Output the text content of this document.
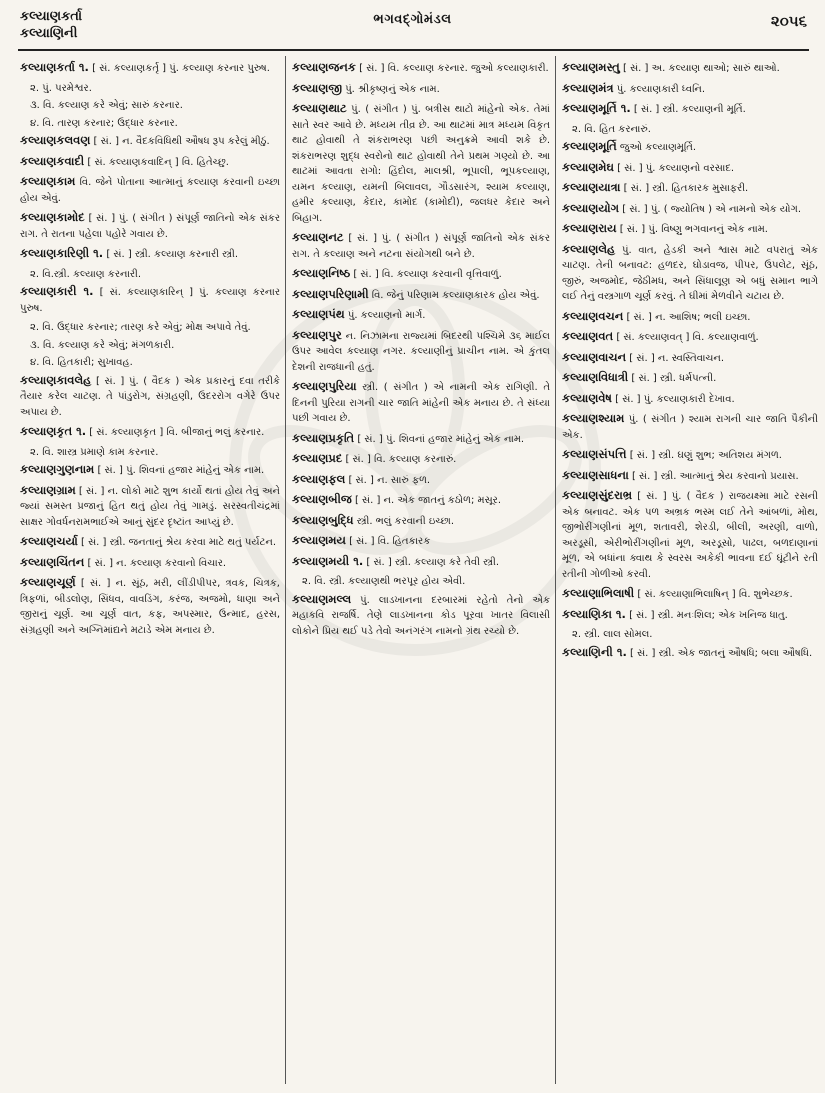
કલ્યાણકર્તા
કલ્યાણિની
ભગવદ્ગોમંડલ	૨૦૫૬

કલ્યાણકર્તા ૧. [ સં. કલ્યાણકર્તૃ ] પું. કલ્યાણ કરનાર પુરુષ.

૨. પું. પરમેશ્વર.

૩. વિ. કલ્યાણ કરે એવું; સારું કરનાર.

૪. વિ. તારણ કરનાર; ઉદ્ધાર કરનાર.

કલ્યાણકલવણ [ સં. ] ન. વૈદકવિધિથી ઔષધ રૂપ કરેલું મીઠું.

કલ્યાણકવાદી [ સં. કલ્યાણકવાદિન્ ] વિ. હિતેચ્છુ.

કલ્યાણકામ વિ. જેને પોતાના આત્માનું કલ્યાણ કરવાની ઇચ્છા હોય એવું.

કલ્યાણકામોદ [ સં. ] પું. ( સંગીત ) સંપૂર્ણ જાતિનો એક સંકર રાગ. તે રાતના પહેલા પહોરે ગવાય છે.

કલ્યાણકારિણી ૧. [ સં. ] સ્ત્રી. કલ્યાણ કરનારી સ્ત્રી.

૨. વિ.સ્ત્રી. કલ્યાણ કરનારી.

કલ્યાણકારી ૧. [ સં. કલ્યાણકારિન્ ] પું. કલ્યાણ કરનાર પુરુષ.

૨. વિ. ઉદ્ધાર કરનાર; તારણ કરે એવું; મોક્ષ અપાવે તેવું.

૩. વિ. કલ્યાણ કરે એવું; મંગળકારી.

૪. વિ. હિતકારી; સુખાવહ.

કલ્યાણકાવલેહ [ સં. ] પું. ( વૈદક ) એક પ્રકારનું દવા તરીકે તૈયાર કરેલ ચાટણ. તે પાંડુરોગ, સંગ્રહણી, ઉદરરોગ વગેરે ઉપર અપાય છે.

કલ્યાણકૃત ૧. [ સં. કલ્યાણકૃત ] વિ. બીજાનું ભલું કરનાર.

૨. વિ. શાસ્ત્ર પ્રમાણે કામ કરનાર.

કલ્યાણગુણનામ [ સં. ] પું. શિવનાં હજાર માંહેનું એક નામ.

કલ્યાણગ્રામ [ સં. ] ન. લોકો માટે શુભ કાર્યો થતાં હોય તેવું અને જ્યાં સમસ્ત પ્રજાનું હિત થતું હોય તેવું ગામડું. સરસ્વતીચંદ્રમાં સાક્ષર ગોવર્ધનરામભાઈએ આનું સુંદર દૃષ્ટાંત આપ્યું છે.

કલ્યાણચર્યા [ સં. ] સ્ત્રી. જનતાનું શ્રેય કરવા માટે થતું પર્યટન.

કલ્યાણચિંતન [ સં. ] ન. કલ્યાણ કરવાનો વિચાર.

કલ્યાણચૂર્ણ [ સં. ] ન. સૂંઠ, મરી, લીંડીપીપર, ત્રવક, ચિત્રક, ત્રિફળાં, બીડલોણ, સિંધવ, વાવડિંગ, કરંજ, અજમો, ધાણા અને જીરાનું ચૂર્ણ. આ ચૂર્ણ વાત, કફ, અપસ્માર, ઉન્માદ, હરસ, સંગ્રહણી અને અગ્નિમાંદ્યને મટાડે એમ મનાય છે.

કલ્યાણજનક [ સં. ] વિ. કલ્યાણ કરનાર. જુઓ કલ્યાણકારી.

કલ્યાણજી પું. શ્રીકૃષ્ણનું એક નામ.

કલ્યાણથાટ પું. ( સંગીત ) પું. બત્રીસ થાટો માંહેનો એક. તેમાં સાતે સ્વર આવે છે. મધ્યમ તીવ્ર છે. આ થાટમાં માત્ર મધ્યમ વિકૃત થાટ હોવાથી તે શંકરાભરણ પછી અનુક્રમે આવી શકે છે. શંકરાભરણ શુદ્ધ સ્વરોનો થાટ હોવાથી તેને પ્રથમ ગણ્યો છે. આ થાટમાં આવતા રાગો: હિંદોલ, માલશ્રી, ભૂપાલી, ભૂપકલ્યાણ, યમન કલ્યાણ, યમની બિલાવલ, ગૌડસારંગ, શ્યામ કલ્યાણ, હમીર કલ્યાણ, કેદાર, કામોદ (કામોદી), જલધર કેદાર અને બિહાગ.

કલ્યાણનટ [ સં. ] પું. ( સંગીત ) સંપૂર્ણ જાતિનો એક સંકર રાગ. તે કલ્યાણ અને નટના સંયોગથી બને છે.

કલ્યાણનિષ્ઠ [ સં. ] વિ. કલ્યાણ કરવાની વૃત્તિવાળું.

કલ્યાણપરિણામી વિ. જેનું પરિણામ કલ્યાણકારક હોય એવું.

કલ્યાણપંથ પું. કલ્યાણનો માર્ગ.

કલ્યાણપુર ન. નિઝામના રાજ્યમાં બિદરથી પશ્ચિમે ૩૬ માઈલ ઉપર આવેલ કલ્યાણ નગર. કલ્યાણીનું પ્રાચીન નામ. એ કુંતલ દેશની રાજધાની હતું.

કલ્યાણપુરિયા સ્ત્રી. ( સંગીત ) એ નામની એક રાગિણી. તે દિનની પુરિયા રાગની ચાર જાતિ માંહેની એક મનાય છે. તે સંધ્યા પછી ગવાય છે.

કલ્યાણપ્રકૃતિ [ સં. ] પું. શિવનાં હજાર માંહેનું એક નામ.

કલ્યાણપ્રદ [ સં. ] વિ. કલ્યાણ કરનારું.

કલ્યાણફલ [ સં. ] ન. સારું ફળ.

કલ્યાણબીજ [ સં. ] ન. એક જાતનું કઠોળ; મસૂર.

કલ્યાણબુદ્ધિ સ્ત્રી. ભલું કરવાની ઇચ્છા.

કલ્યાણમય [ સં. ] વિ. હિતકારક

કલ્યાણમયી ૧. [ સં. ] સ્ત્રી. કલ્યાણ કરે તેવી સ્ત્રી.

૨. વિ. સ્ત્રી. કલ્યાણથી ભરપૂર હોય એવી.

કલ્યાણમલ્લ પું. લાડખાનના દરબારમાં રહેતો તેનો એક મહાકવિ રાજર્ષિ. તેણે લાડખાનના કોડ પૂરવા ખાતર વિલાસી લોકોને પ્રિય થઈ પડે તેવો અનંગરંગ નામનો ગ્રંથ રચ્યો છે.

કલ્યાણમસ્તુ [ સં. ] અ. કલ્યાણ થાઓ; સારું થાઓ.

કલ્યાણમંત્ર પું. કલ્યાણકારી ધ્વનિ.

કલ્યાણમૂર્તિ ૧. [ સં. ] સ્ત્રી. કલ્યાણની મૂર્તિ.

૨. વિ. હિત કરનારું.

કલ્યાણમૂર્તિ જુઓ કલ્યાણમૂર્તિ.

કલ્યાણમેઘ [ સં. ] પું. કલ્યાણનો વરસાદ.

કલ્યાણયાત્રા [ સં. ] સ્ત્રી. હિતકારક મુસાફરી.

કલ્યાણયોગ [ સં. ] પું. ( જ્યોતિષ ) એ નામનો એક યોગ.

કલ્યાણરાય [ સં. ] પું. વિષ્ણુ ભગવાનનું એક નામ.

કલ્યાણલેહ પું. વાત, હેડકી અને શ્વાસ માટે વપરાતું એક ચાટણ. તેની બનાવટ: હળદર, ઘોડાવજ, પીપર, ઉપલેટ, સૂંઠ, જીરું, અજમોદ, જેઠીમધ, અને સિંધાલૂણ એ બધું સમાન ભાગે લઈ તેનું વસ્ત્રગાળ ચૂર્ણ કરવું. તે ઘીમાં મેળવીને ચટાય છે.

કલ્યાણવચન [ સં. ] ન. આશિષ; ભલી ઇચ્છા.

કલ્યાણવત [ સં. કલ્યાણવત્ ] વિ. કલ્યાણવાળું.

કલ્યાણવાચન [ સં. ] ન. સ્વસ્તિવાચન.

કલ્યાણવિધાત્રી [ સં. ] સ્ત્રી. ધર્મપત્ની.

કલ્યાણવેષ [ સં. ] પું. કલ્યાણકારી દેખાવ.

કલ્યાણશ્યામ પું. ( સંગીત ) શ્યામ રાગની ચાર જાતિ પૈકીની એક.

કલ્યાણસંપત્તિ [ સં. ] સ્ત્રી. ઘણું શુભ; અતિશય મંગળ.

કલ્યાણસાધના [ સં. ] સ્ત્રી. આત્માનું શ્રેય કરવાનો પ્રયાસ.

કલ્યાણસુંદરાભ્ર [ સં. ] પું. ( વૈદક ) રાજયક્ષ્મા માટે રસની એક બનાવટ. એક પળ અભ્રક ભસ્મ લઈ તેને આંબળાં, મોથ, જીભોરીંગણીનાં મૂળ, શતાવરી, શેરડી, બીલી, અરણી, વાળો, અરડૂસી, એરીભોરીંગણીનાં મૂળ, અરડૂસો, પાઢલ, બળદાણાનાં મૂળ, એ બધાંના ક્વાથ કે સ્વરસ અકેકી ભાવના દઈ ઘૂંટીને રતી રતીની ગોળીઓ કરવી.

કલ્યાણાભિલાષી [ સં. કલ્યાણાભિલાષિન્ ] વિ. શુભેચ્છક.

કલ્યાણિકા ૧. [ સં. ] સ્ત્રી. મનઃશિલ; એક ખનિજ ધાતુ.

૨. સ્ત્રી. લાલ સોમલ.

કલ્યાણિની ૧. [ સં. ] સ્ત્રી. એક જાતનું ઔષધિ; બલા ઔષધિ.
